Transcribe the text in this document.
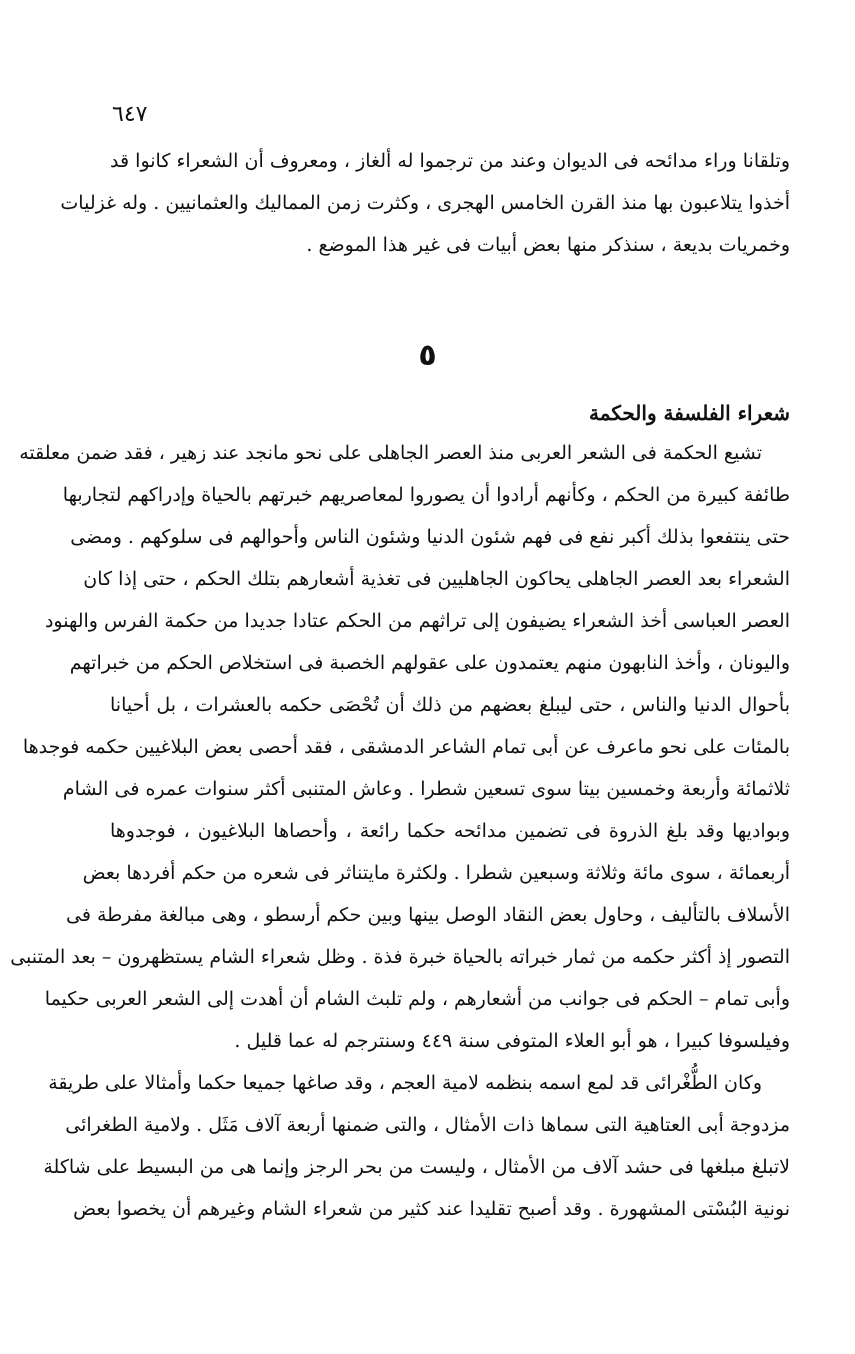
٦٤٧
وتلقانا وراء مدائحه فى الديوان وعند من ترجموا له ألغاز ، ومعروف أن الشعراء كانوا قد
أخذوا يتلاعبون بها منذ القرن الخامس الهجرى ، وكثرت زمن المماليك والعثمانيين . وله غزليات
وخمريات بديعة ، سنذكر منها بعض أبيات فى غير هذا الموضع .
٥
شعراء الفلسفة والحكمة
تشيع الحكمة فى الشعر العربى منذ العصر الجاهلى على نحو مانجد عند زهير ، فقد ضمن معلقته
طائفة كبيرة من الحكم ، وكأنهم أرادوا أن يصوروا لمعاصريهم خبرتهم بالحياة وإدراكهم لتجاربها
حتى ينتفعوا بذلك أكبر نفع فى فهم شئون الدنيا وشئون الناس وأحوالهم فى سلوكهم . ومضى
الشعراء بعد العصر الجاهلى يحاكون الجاهليين فى تغذية أشعارهم بتلك الحكم ، حتى إذا كان
العصر العباسى أخذ الشعراء يضيفون إلى تراثهم من الحكم عتادا جديدا من حكمة الفرس والهنود
واليونان ، وأخذ النابهون منهم يعتمدون على عقولهم الخصبة فى استخلاص الحكم من خبراتهم
بأحوال الدنيا والناس ، حتى ليبلغ بعضهم من ذلك أن تُحْصَى حكمه بالعشرات ، بل أحيانا
بالمئات على نحو ماعرف عن أبى تمام الشاعر الدمشقى ، فقد أحصى بعض البلاغيين حكمه فوجدها
ثلاثمائة وأربعة وخمسين بيتا سوى تسعين شطرا . وعاش المتنبى أكثر سنوات عمره فى الشام
وبواديها وقد بلغ الذروة فى تضمين مدائحه حكما رائعة ، وأحصاها البلاغيون ، فوجدوها
أربعمائة ، سوى مائة وثلاثة وسبعين شطرا . ولكثرة مايتناثر فى شعره من حكم أفردها بعض
الأسلاف بالتأليف ، وحاول بعض النقاد الوصل بينها وبين حكم أرسطو ، وهى مبالغة مفرطة فى
التصور إذ أكثر حكمه من ثمار خبراته بالحياة خبرة فذة . وظل شعراء الشام يستظهرون – بعد المتنبى
وأبى تمام – الحكم فى جوانب من أشعارهم ، ولم تلبث الشام أن أهدت إلى الشعر العربى حكيما
وفيلسوفا كبيرا ، هو أبو العلاء المتوفى سنة ٤٤٩ وسنترجم له عما قليل .
وكان الطُّغْرائى قد لمع اسمه بنظمه لامية العجم ، وقد صاغها جميعا حكما وأمثالا على طريقة
مزدوجة أبى العتاهية التى سماها ذات الأمثال ، والتى ضمنها أربعة آلاف مَثَل . ولامية الطغرائى
لاتبلغ مبلغها فى حشد آلاف من الأمثال ، وليست من بحر الرجز وإنما هى من البسيط على شاكلة
نونية البُسْتى المشهورة . وقد أصبح تقليدا عند كثير من شعراء الشام وغيرهم أن يخصوا بعض
